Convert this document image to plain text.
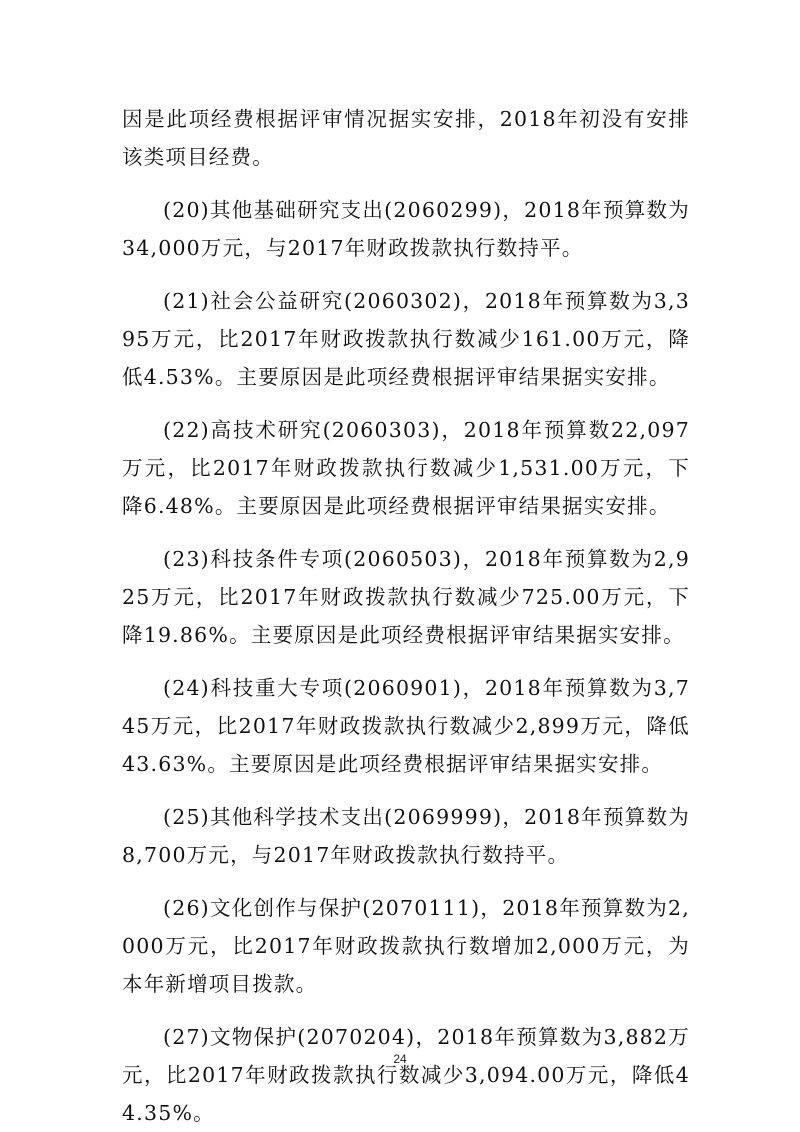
因是此项经费根据评审情况据实安排，2018年初没有安排该类项目经费。

(20)其他基础研究支出(2060299)，2018年预算数为34,000万元，与2017年财政拨款执行数持平。

(21)社会公益研究(2060302)，2018年预算数为3,395万元，比2017年财政拨款执行数减少161.00万元，降低4.53%。主要原因是此项经费根据评审结果据实安排。

(22)高技术研究(2060303)，2018年预算数22,097万元，比2017年财政拨款执行数减少1,531.00万元，下降6.48%。主要原因是此项经费根据评审结果据实安排。

(23)科技条件专项(2060503)，2018年预算数为2,925万元，比2017年财政拨款执行数减少725.00万元，下降19.86%。主要原因是此项经费根据评审结果据实安排。

(24)科技重大专项(2060901)，2018年预算数为3,745万元，比2017年财政拨款执行数减少2,899万元，降低43.63%。主要原因是此项经费根据评审结果据实安排。

(25)其他科学技术支出(2069999)，2018年预算数为8,700万元，与2017年财政拨款执行数持平。

(26)文化创作与保护(2070111)，2018年预算数为2,000万元，比2017年财政拨款执行数增加2,000万元，为本年新增项目拨款。

(27)文物保护(2070204)，2018年预算数为3,882万元，比2017年财政拨款执行数减少3,094.00万元，降低44.35%。

24
